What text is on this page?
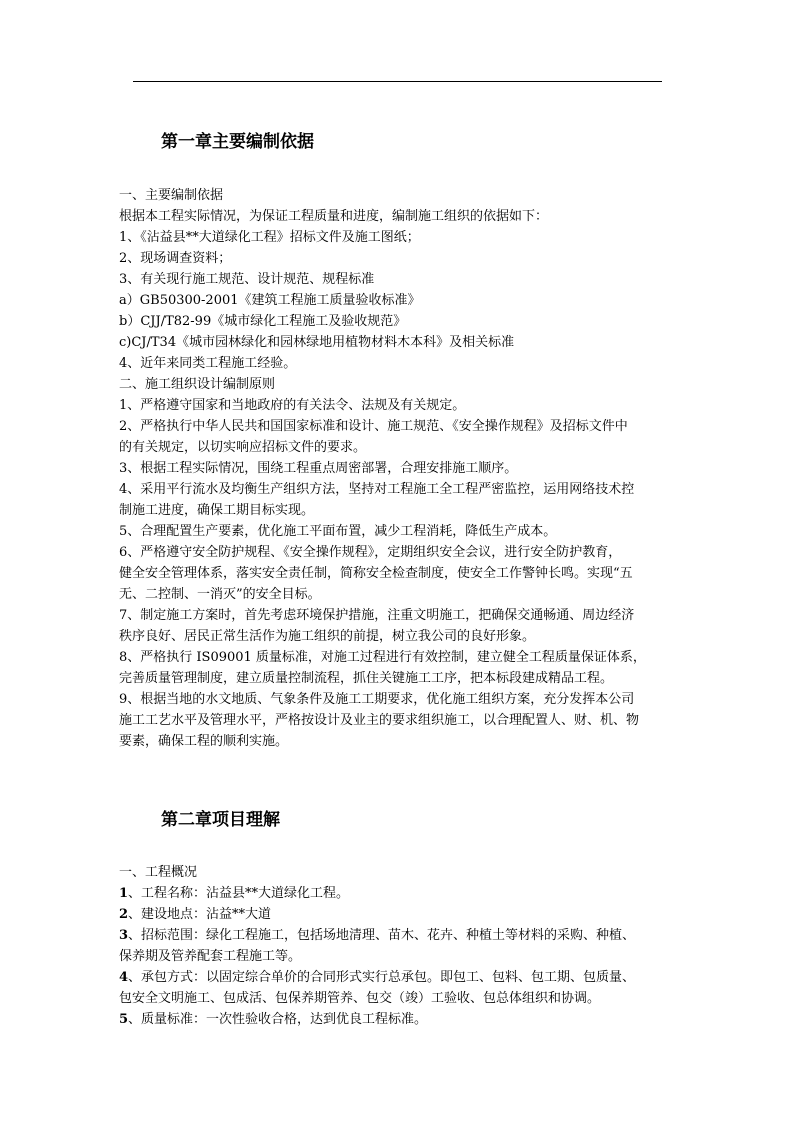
第一章主要编制依据
一、主要编制依据
根据本工程实际情况，为保证工程质量和进度，编制施工组织的依据如下：
1、《沾益县**大道绿化工程》招标文件及施工图纸；
2、现场调查资料；
3、有关现行施工规范、设计规范、规程标准
a）GB50300-2001《建筑工程施工质量验收标准》
b）CJJ/T82-99《城市绿化工程施工及验收规范》
c)CJ/T34《城市园林绿化和园林绿地用植物材料木本科》及相关标准
4、近年来同类工程施工经验。
二、施工组织设计编制原则
1、严格遵守国家和当地政府的有关法令、法规及有关规定。
2、严格执行中华人民共和国国家标准和设计、施工规范、《安全操作规程》及招标文件中
的有关规定，以切实响应招标文件的要求。
3、根据工程实际情况，围绕工程重点周密部署，合理安排施工顺序。
4、采用平行流水及均衡生产组织方法，坚持对工程施工全工程严密监控，运用网络技术控
制施工进度，确保工期目标实现。
5、合理配置生产要素，优化施工平面布置，减少工程消耗，降低生产成本。
6、严格遵守安全防护规程、《安全操作规程》，定期组织安全会议，进行安全防护教育，
健全安全管理体系，落实安全责任制，简称安全检查制度，使安全工作警钟长鸣。实现“五
无、二控制、一消灭”的安全目标。
7、制定施工方案时，首先考虑环境保护措施，注重文明施工，把确保交通畅通、周边经济
秩序良好、居民正常生活作为施工组织的前提，树立我公司的良好形象。
8、严格执行 IS09001 质量标准，对施工过程进行有效控制，建立健全工程质量保证体系，
完善质量管理制度，建立质量控制流程，抓住关键施工工序，把本标段建成精品工程。
9、根据当地的水文地质、气象条件及施工工期要求，优化施工组织方案，充分发挥本公司
施工工艺水平及管理水平，严格按设计及业主的要求组织施工，以合理配置人、财、机、物
要素，确保工程的顺利实施。
第二章项目理解
一、工程概况
1、工程名称：沾益县**大道绿化工程。
2、建设地点：沾益**大道
3、招标范围：绿化工程施工，包括场地清理、苗木、花卉、种植土等材料的采购、种植、
保养期及管养配套工程施工等。
4、承包方式：以固定综合单价的合同形式实行总承包。即包工、包料、包工期、包质量、
包安全文明施工、包成活、包保养期管养、包交（竣）工验收、包总体组织和协调。
5、质量标准：一次性验收合格，达到优良工程标准。
